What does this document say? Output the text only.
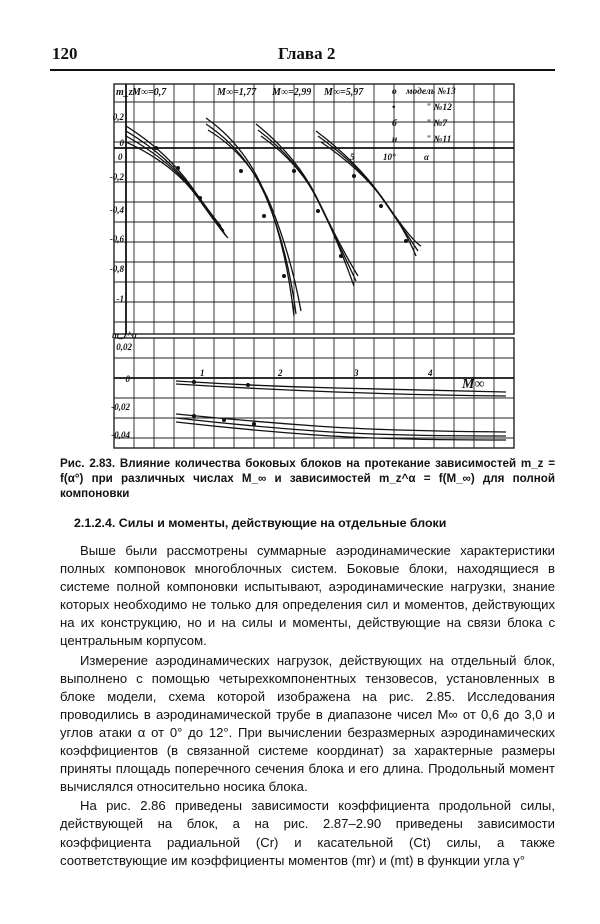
120	Глава 2
m_z M∞=0,7	M∞=1,77 M∞=2,99 M∞=5,97
0,2
0
-0,2
-0,4
-0,6
-0,8
-1
0	5	10°	α
o модель №13
•	" №12
б	" №7
н	" №11
m_z^α
0,02
0
-0,02
-0,04
1	2	3	4
M∞
Рис. 2.83. Влияние количества боковых блоков на протекание зависимостей m_z = f(α°) при различных числах M_∞ и зависимостей m_z^α = f(M_∞) для полной компоновки
2.1.2.4. Силы и моменты, действующие на отдельные блоки

Выше были рассмотрены суммарные аэродинамические характеристики полных компоновок многоблочных систем. Боковые блоки, находящиеся в системе полной компоновки испытывают, аэродинамические нагрузки, знание которых необходимо не только для определения сил и моментов, действующих на их конструкцию, но и на силы и моменты, действующие на связи блока с центральным корпусом.

Измерение аэродинамических нагрузок, действующих на отдельный блок, выполнено с помощью четырехкомпонентных тензовесов, установленных в блоке модели, схема которой изображена на рис. 2.85. Исследования проводились в аэродинамической трубе в диапазоне чисел M∞ от 0,6 до 3,0 и углов атаки α от 0° до 12°. При вычислении безразмерных аэродинамических коэффициентов (в связанной системе координат) за характерные размеры приняты площадь поперечного сечения блока и его длина. Продольный момент вычислялся относительно носика блока.

На рис. 2.86 приведены зависимости коэффициента продольной силы, действующей на блок, а на рис. 2.87–2.90 приведены зависимости коэффициента радиальной (Cr) и касательной (Ct) силы, а также соответствующие им коэффициенты моментов (mr) и (mt) в функции угла γ°
